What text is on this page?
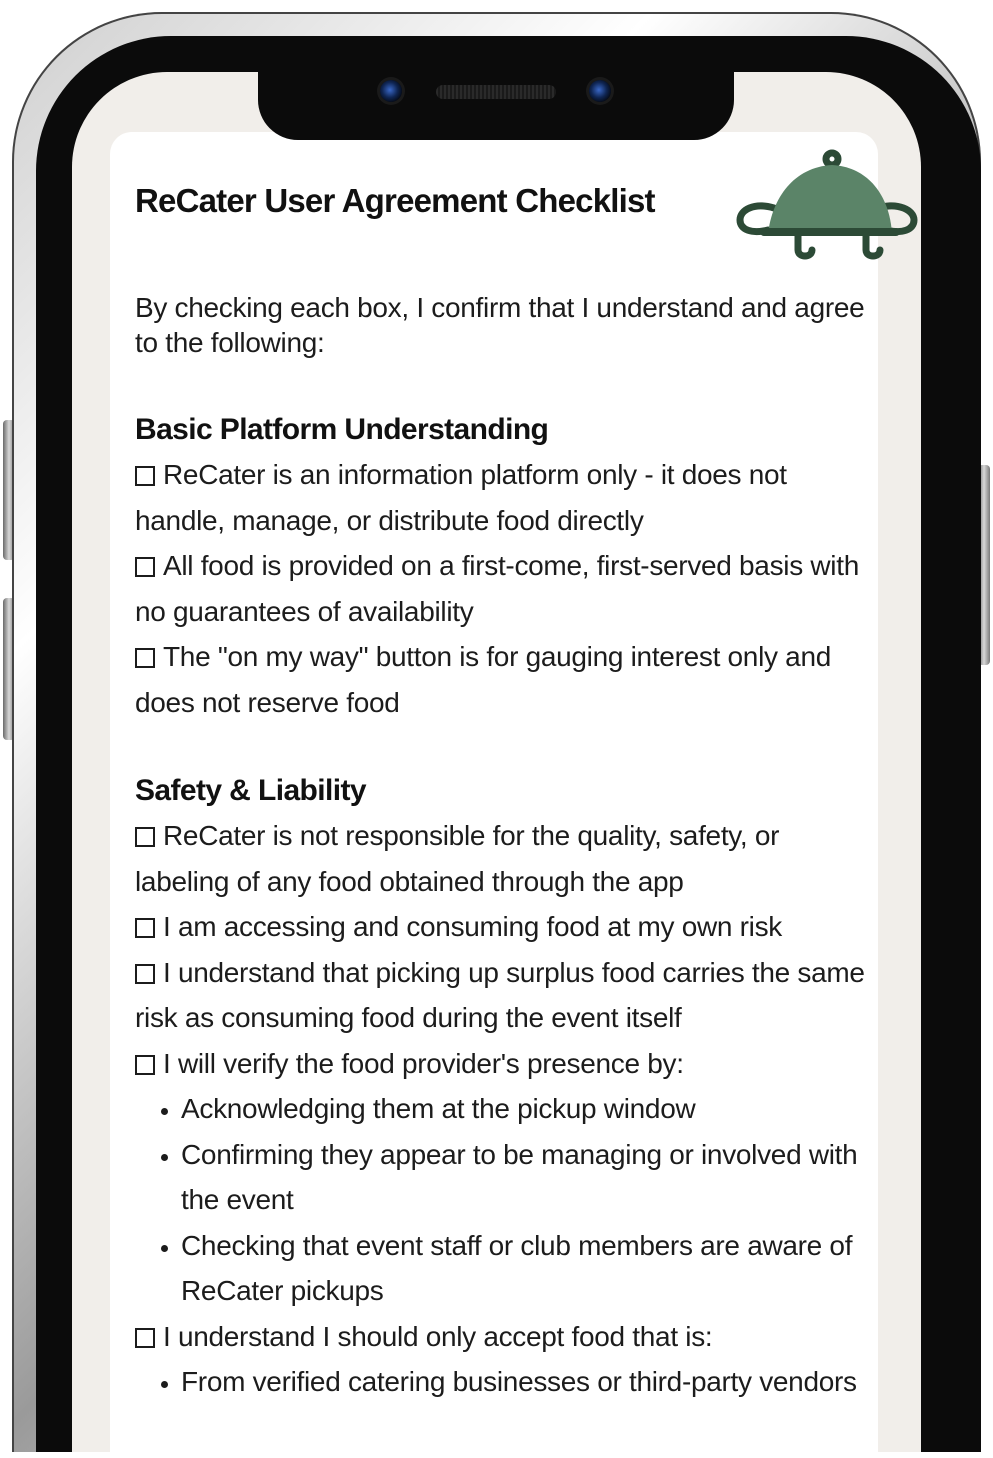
ReCater User Agreement Checklist

By checking each box, I confirm that I understand and agree to the following:

Basic Platform Understanding
ReCater is an information platform only - it does not handle, manage, or distribute food directly
All food is provided on a first-come, first-served basis with no guarantees of availability
The "on my way" button is for gauging interest only and does not reserve food
Safety & Liability
ReCater is not responsible for the quality, safety, or labeling of any food obtained through the app
I am accessing and consuming food at my own risk
I understand that picking up surplus food carries the same risk as consuming food during the event itself
I will verify the food provider's presence by:
• Acknowledging them at the pickup window
• Confirming they appear to be managing or involved with the event
• Checking that event staff or club members are aware of ReCater pickups
I understand I should only accept food that is:
• From verified catering businesses or third-party vendors
